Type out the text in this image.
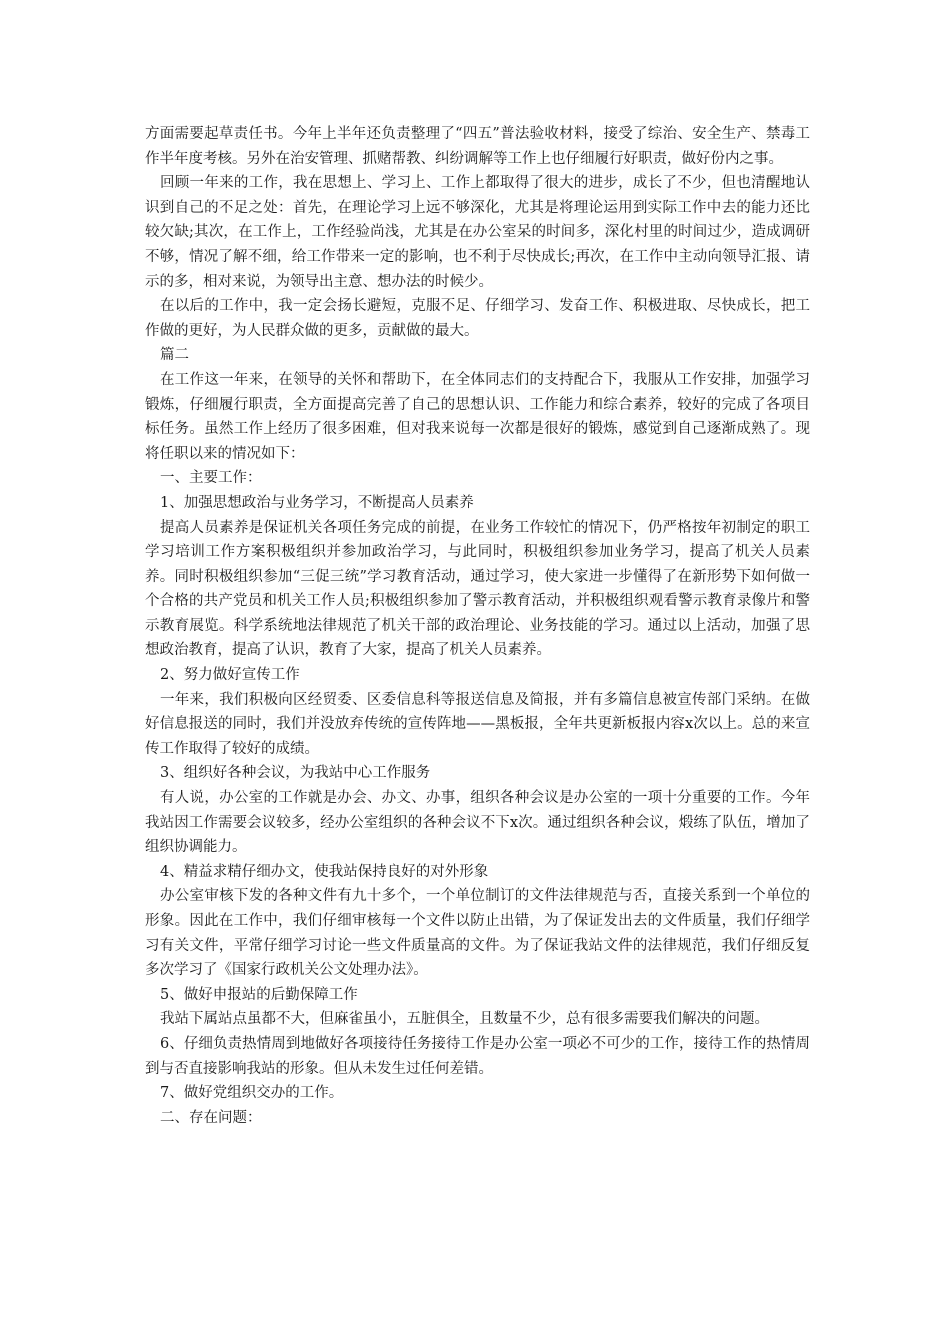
方面需要起草责任书。今年上半年还负责整理了“四五”普法验收材料，接受了综治、安全生产、禁毒工作半年度考核。另外在治安管理、抓赌帮教、纠纷调解等工作上也仔细履行好职责，做好份内之事。

回顾一年来的工作，我在思想上、学习上、工作上都取得了很大的进步，成长了不少，但也清醒地认识到自己的不足之处：首先，在理论学习上远不够深化，尤其是将理论运用到实际工作中去的能力还比较欠缺;其次，在工作上，工作经验尚浅，尤其是在办公室呆的时间多，深化村里的时间过少，造成调研不够，情况了解不细，给工作带来一定的影响，也不利于尽快成长;再次，在工作中主动向领导汇报、请示的多，相对来说，为领导出主意、想办法的时候少。

在以后的工作中，我一定会扬长避短，克服不足、仔细学习、发奋工作、积极进取、尽快成长，把工作做的更好，为人民群众做的更多，贡献做的最大。

篇二

在工作这一年来，在领导的关怀和帮助下，在全体同志们的支持配合下，我服从工作安排，加强学习锻炼，仔细履行职责，全方面提高完善了自己的思想认识、工作能力和综合素养，较好的完成了各项目标任务。虽然工作上经历了很多困难，但对我来说每一次都是很好的锻炼，感觉到自己逐渐成熟了。现将任职以来的情况如下：

一、主要工作：

1、加强思想政治与业务学习，不断提高人员素养

提高人员素养是保证机关各项任务完成的前提，在业务工作较忙的情况下，仍严格按年初制定的职工学习培训工作方案积极组织并参加政治学习，与此同时，积极组织参加业务学习，提高了机关人员素养。同时积极组织参加“三促三统”学习教育活动，通过学习，使大家进一步懂得了在新形势下如何做一个合格的共产党员和机关工作人员;积极组织参加了警示教育活动，并积极组织观看警示教育录像片和警示教育展览。科学系统地法律规范了机关干部的政治理论、业务技能的学习。通过以上活动，加强了思想政治教育，提高了认识，教育了大家，提高了机关人员素养。

2、努力做好宣传工作

一年来，我们积极向区经贸委、区委信息科等报送信息及简报，并有多篇信息被宣传部门采纳。在做好信息报送的同时，我们并没放弃传统的宣传阵地——黑板报，全年共更新板报内容x次以上。总的来宣传工作取得了较好的成绩。

3、组织好各种会议，为我站中心工作服务

有人说，办公室的工作就是办会、办文、办事，组织各种会议是办公室的一项十分重要的工作。今年我站因工作需要会议较多，经办公室组织的各种会议不下x次。通过组织各种会议，煅练了队伍，增加了组织协调能力。

4、精益求精仔细办文，使我站保持良好的对外形象

办公室审核下发的各种文件有九十多个，一个单位制订的文件法律规范与否，直接关系到一个单位的形象。因此在工作中，我们仔细审核每一个文件以防止出错，为了保证发出去的文件质量，我们仔细学习有关文件，平常仔细学习讨论一些文件质量高的文件。为了保证我站文件的法律规范，我们仔细反复多次学习了《国家行政机关公文处理办法》。

5、做好申报站的后勤保障工作

我站下属站点虽都不大，但麻雀虽小，五脏俱全，且数量不少，总有很多需要我们解决的问题。

6、仔细负责热情周到地做好各项接待任务接待工作是办公室一项必不可少的工作，接待工作的热情周到与否直接影响我站的形象。但从未发生过任何差错。

7、做好党组织交办的工作。

二、存在问题：
